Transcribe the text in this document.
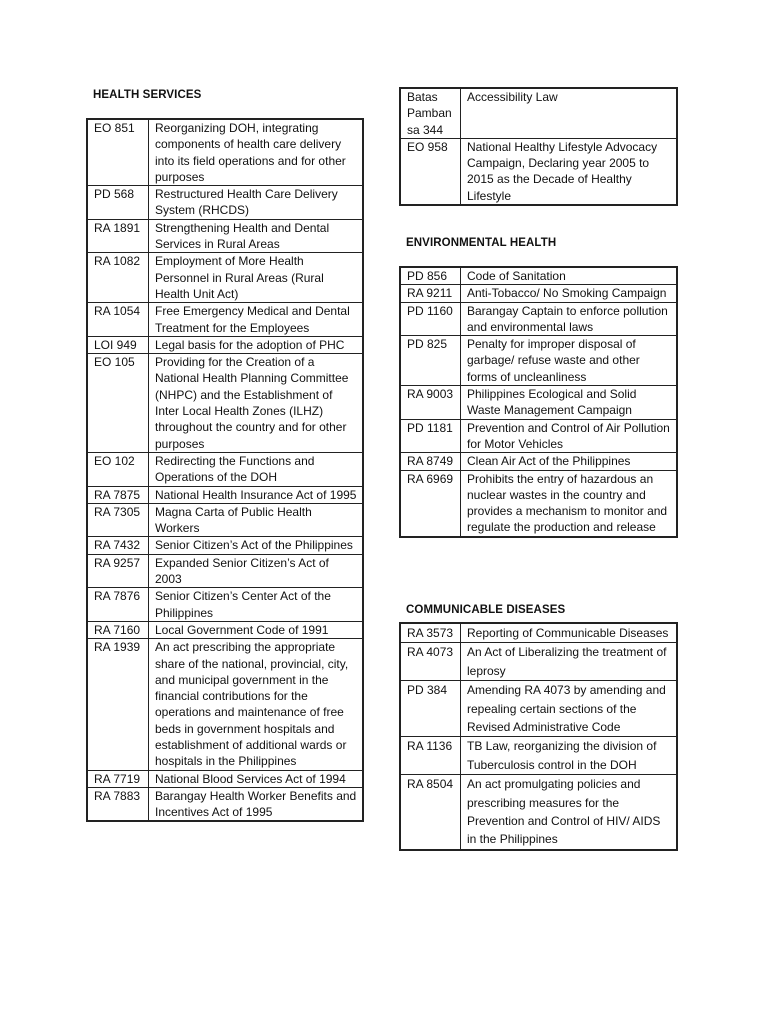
HEALTH SERVICES
EO 851	Reorganizing DOH, integrating components of health care delivery into its field operations and for other purposes
PD 568	Restructured Health Care Delivery System (RHCDS)
RA 1891	Strengthening Health and Dental Services in Rural Areas
RA 1082	Employment of More Health Personnel in Rural Areas (Rural Health Unit Act)
RA 1054	Free Emergency Medical and Dental Treatment for the Employees
LOI 949	Legal basis for the adoption of PHC
EO 105	Providing for the Creation of a National Health Planning Committee (NHPC) and the Establishment of Inter Local Health Zones (ILHZ) throughout the country and for other purposes
EO 102	Redirecting the Functions and Operations of the DOH
RA 7875	National Health Insurance Act of 1995
RA 7305	Magna Carta of Public Health Workers
RA 7432	Senior Citizen’s Act of the Philippines
RA 9257	Expanded Senior Citizen’s Act of 2003
RA 7876	Senior Citizen’s Center Act of the Philippines
RA 7160	Local Government Code of 1991
RA 1939	An act prescribing the appropriate share of the national, provincial, city, and municipal government in the financial contributions for the operations and maintenance of free beds in government hospitals and establishment of additional wards or hospitals in the Philippines
RA 7719	National Blood Services Act of 1994
RA 7883	Barangay Health Worker Benefits and Incentives Act of 1995
Batas Pamban sa 344	Accessibility Law
EO 958	National Healthy Lifestyle Advocacy Campaign, Declaring year 2005 to 2015 as the Decade of Healthy Lifestyle
ENVIRONMENTAL HEALTH
PD 856	Code of Sanitation
RA 9211	Anti-Tobacco/ No Smoking Campaign
PD 1160	Barangay Captain to enforce pollution and environmental laws
PD 825	Penalty for improper disposal of garbage/ refuse waste and other forms of uncleanliness
RA 9003	Philippines Ecological and Solid Waste Management Campaign
PD 1181	Prevention and Control of Air Pollution for Motor Vehicles
RA 8749	Clean Air Act of the Philippines
RA 6969	Prohibits the entry of hazardous an nuclear wastes in the country and provides a mechanism to monitor and regulate the production and release
COMMUNICABLE DISEASES
RA 3573	Reporting of Communicable Diseases
RA 4073	An Act of Liberalizing the treatment of leprosy
PD 384	Amending RA 4073 by amending and repealing certain sections of the Revised Administrative Code
RA 1136	TB Law, reorganizing the division of Tuberculosis control in the DOH
RA 8504	An act promulgating policies and prescribing measures for the Prevention and Control of HIV/ AIDS in the Philippines
